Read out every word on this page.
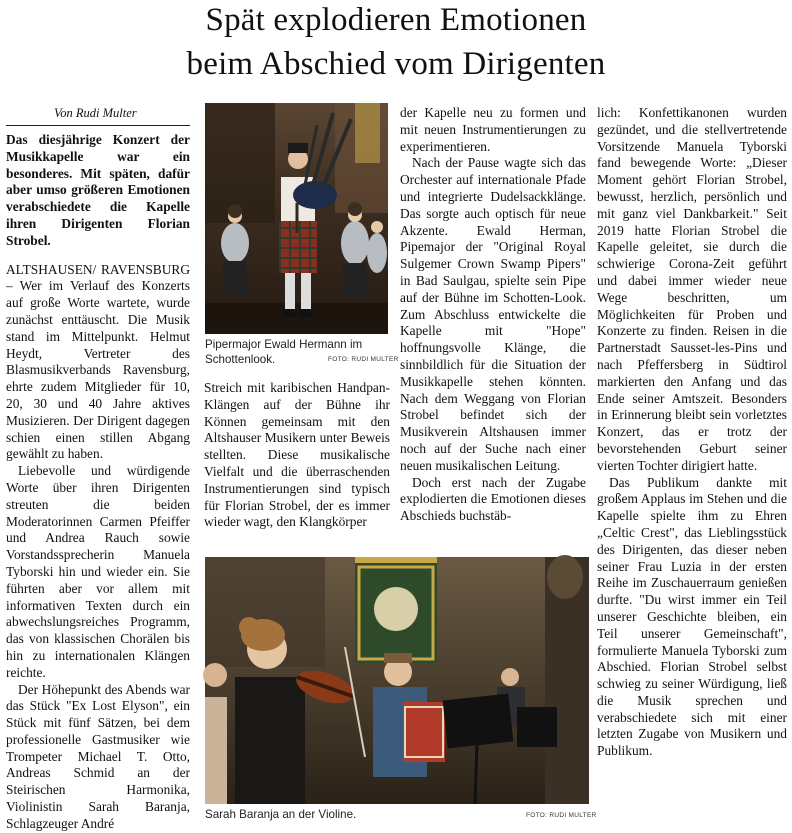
Spät explodieren Emotionen
beim Abschied vom Dirigenten
Von Rudi Multer

Das diesjährige Konzert der Musikkapelle war ein besonderes. Mit späten, dafür aber umso größeren Emotionen verabschiedete die Kapelle ihren Dirigenten Florian Strobel.

ALTSHAUSEN/ RAVENSBURG – Wer im Verlauf des Konzerts auf große Worte wartete, wurde zunächst enttäuscht. Die Musik stand im Mittelpunkt. Helmut Heydt, Vertreter des Blasmusikverbands Ravensburg, ehrte zudem Mitglieder für 10, 20, 30 und 40 Jahre aktives Musizieren. Der Dirigent dagegen schien einen stillen Abgang gewählt zu haben.

Liebevolle und würdigende Worte über ihren Dirigenten streuten die beiden Moderatorinnen Carmen Pfeiffer und Andrea Rauch sowie Vorstandssprecherin Manuela Tyborski hin und wieder ein. Sie führten aber vor allem mit informativen Texten durch ein abwechslungsreiches Programm, das von klassischen Chorälen bis hin zu internationalen Klängen reichte.

Der Höhepunkt des Abends war das Stück "Ex Lost Elyson", ein Stück mit fünf Sätzen, bei dem professionelle Gastmusiker wie Trompeter Michael T. Otto, Andreas Schmid an der Steirischen Harmonika, Violinistin Sarah Baranja, Schlagzeuger André

Pipermajor Ewald Hermann im
Schottenlook.	FOTO: RUDI MULTER

Streich mit karibischen Handpan-Klängen auf der Bühne ihr Können gemeinsam mit den Altshauser Musikern unter Beweis stellten. Diese musikalische Vielfalt und die überraschenden Instrumentierungen sind typisch für Florian Strobel, der es immer wieder wagt, den Klangkörper

der Kapelle neu zu formen und mit neuen Instrumentierungen zu experimentieren.

Nach der Pause wagte sich das Orchester auf internationale Pfade und integrierte Dudelsackklänge. Das sorgte auch optisch für neue Akzente. Ewald Herman, Pipemajor der "Original Royal Sulgemer Crown Swamp Pipers" in Bad Saulgau, spielte sein Pipe auf der Bühne im Schotten-Look. Zum Abschluss entwickelte die Kapelle mit "Hope" hoffnungsvolle Klänge, die sinnbildlich für die Situation der Musikkapelle stehen könnten. Nach dem Weggang von Florian Strobel befindet sich der Musikverein Altshausen immer noch auf der Suche nach einer neuen musikalischen Leitung.

Doch erst nach der Zugabe explodierten die Emotionen dieses Abschieds buchstäb-

lich: Konfettikanonen wurden gezündet, und die stellvertretende Vorsitzende Manuela Tyborski fand bewegende Worte: „Dieser Moment gehört Florian Strobel, bewusst, herzlich, persönlich und mit ganz viel Dankbarkeit." Seit 2019 hatte Florian Strobel die Kapelle geleitet, sie durch die schwierige Corona-Zeit geführt und dabei immer wieder neue Wege beschritten, um Möglichkeiten für Proben und Konzerte zu finden. Reisen in die Partnerstadt Sausset-les-Pins und nach Pfeffersberg in Südtirol markierten den Anfang und das Ende seiner Amtszeit. Besonders in Erinnerung bleibt sein vorletztes Konzert, das er trotz der bevorstehenden Geburt seiner vierten Tochter dirigiert hatte.

Das Publikum dankte mit großem Applaus im Stehen und die Kapelle spielte ihm zu Ehren „Celtic Crest", das Lieblingsstück des Dirigenten, das dieser neben seiner Frau Luzia in der ersten Reihe im Zuschauerraum genießen durfte. "Du wirst immer ein Teil unserer Geschichte bleiben, ein Teil unserer Gemeinschaft", formulierte Manuela Tyborski zum Abschied. Florian Strobel selbst schwieg zu seiner Würdigung, ließ die Musik sprechen und verabschiedete sich mit einer letzten Zugabe von Musikern und Publikum.

Sarah Baranja an der Violine.	FOTO: RUDI MULTER
